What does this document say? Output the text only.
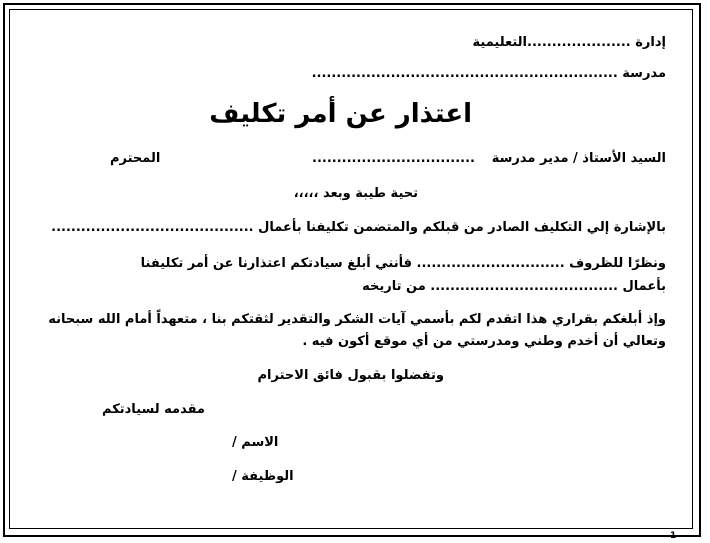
إدارة .....................التعليمية
مدرسة ..............................................................
اعتذار عن أمر تكليف
السيد الأستاذ / مدير مدرسة
.................................
المحترم
تحية طيبة وبعد ،،،،،
بالإشارة إلي التكليف الصادر من قبلكم والمتضمن تكليفنا بأعمال .........................................
ونظرًا للظروف .............................. فأنني أبلغ سيادتكم اعتذارنا عن أمر تكليفنا
بأعمال ...................................... من تاريخه
وإذ أبلغكم بقراري هذا اتقدم لكم بأسمي آيات الشكر والتقدير لثقتكم بنا ، متعهداً أمام الله سبحانه
وتعالي أن أخدم وطني ومدرستي من أي موقع أكون فيه .
وتفضلوا بقبول فائق الاحترام
مقدمه لسيادتكم
الاسم /
الوظيفة /
1
